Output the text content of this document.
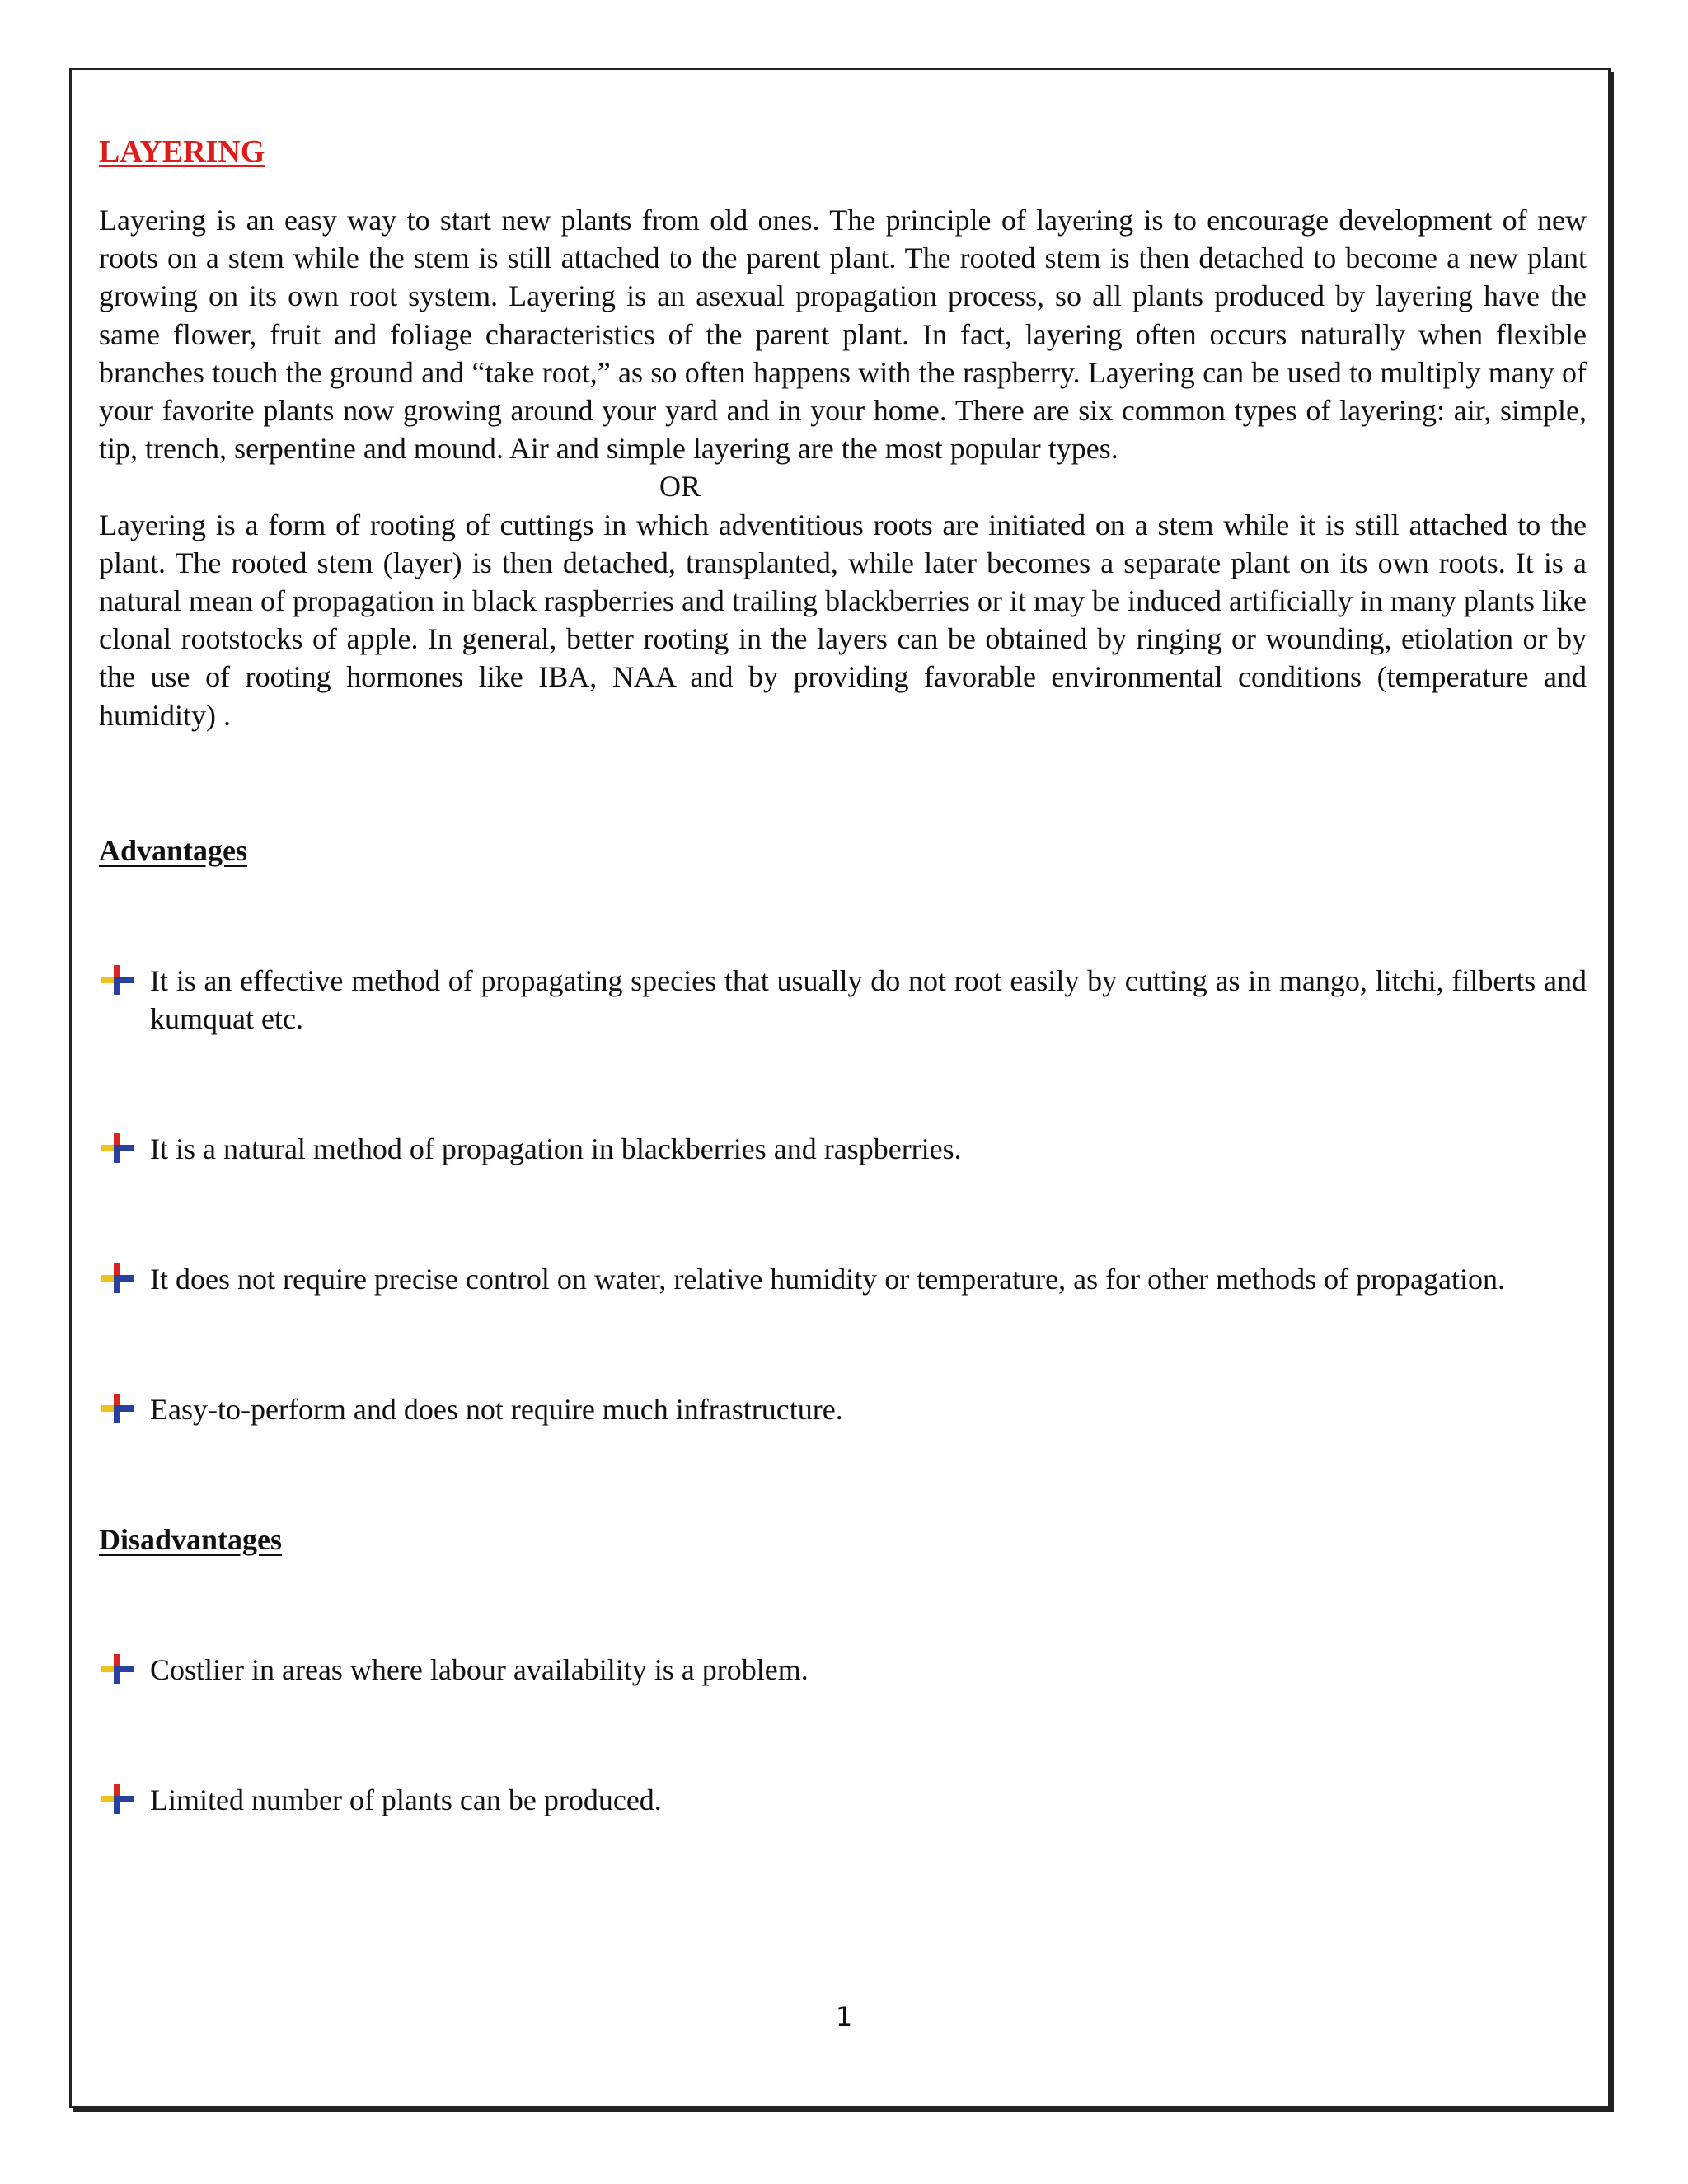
LAYERING

Layering is an easy way to start new plants from old ones. The principle of layering is to encourage development of new roots on a stem while the stem is still attached to the parent plant. The rooted stem is then detached to become a new plant growing on its own root system. Layering is an asexual propagation process, so all plants produced by layering have the same flower, fruit and foliage characteristics of the parent plant. In fact, layering often occurs naturally when flexible branches touch the ground and “take root,” as so often happens with the raspberry. Layering can be used to multiply many of your favorite plants now growing around your yard and in your home. There are six common types of layering: air, simple, tip, trench, serpentine and mound. Air and simple layering are the most popular types.

OR

Layering is a form of rooting of cuttings in which adventitious roots are initiated on a stem while it is still attached to the plant. The rooted stem (layer) is then detached, transplanted, while later becomes a separate plant on its own roots. It is a natural mean of propagation in black raspberries and trailing blackberries or it may be induced artificially in many plants like clonal rootstocks of apple. In general, better rooting in the layers can be obtained by ringing or wounding, etiolation or by the use of rooting hormones like IBA, NAA and by providing favorable environmental conditions (temperature and humidity) .

Advantages
It is an effective method of propagating species that usually do not root easily by cutting as in mango, litchi, filberts and kumquat etc.
It is a natural method of propagation in blackberries and raspberries.
It does not require precise control on water, relative humidity or temperature, as for other methods of propagation.
Easy-to-perform and does not require much infrastructure.
Disadvantages
Costlier in areas where labour availability is a problem.
Limited number of plants can be produced.
1
